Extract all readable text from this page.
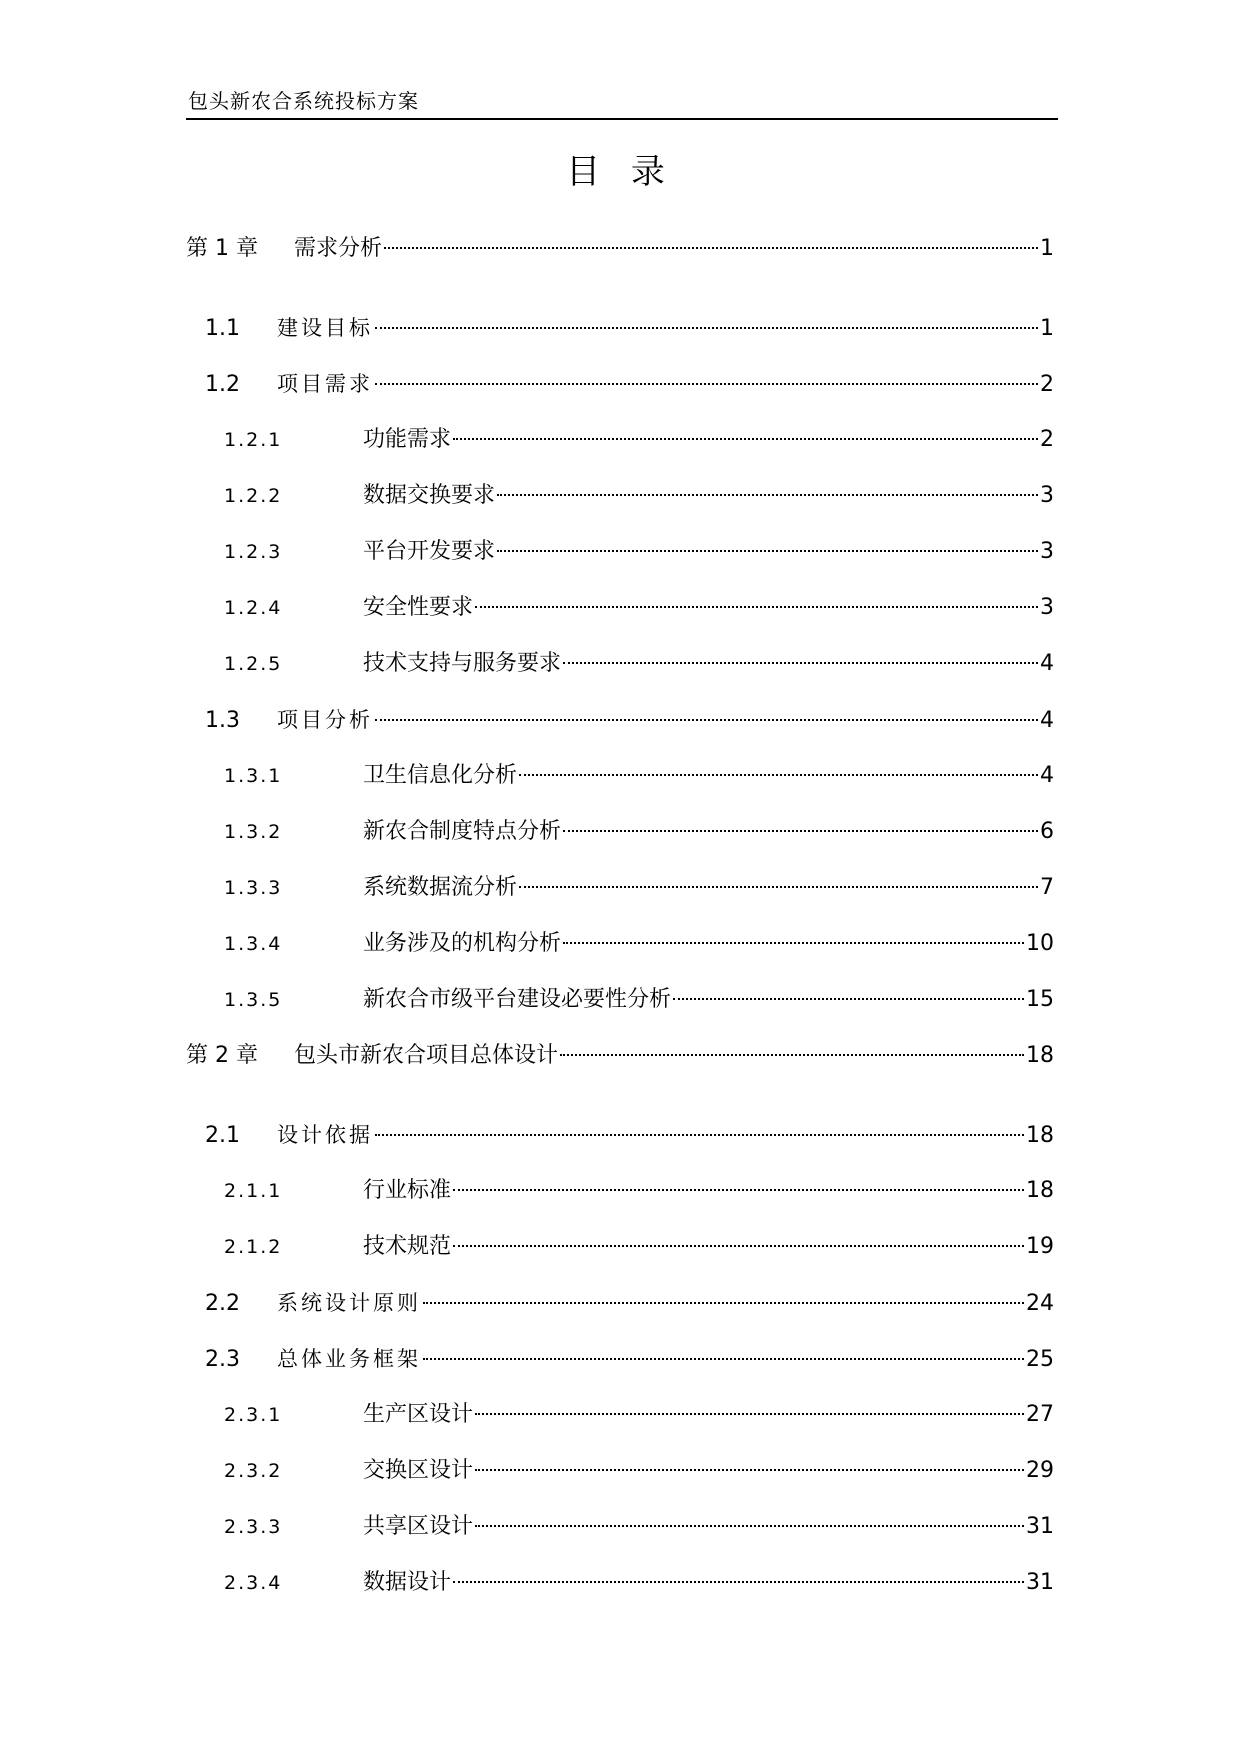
包头新农合系统投标方案
目 录
第 1 章	需求分析	1
1.1	建设目标	1
1.2	项目需求	2
1.2.1	功能需求	2
1.2.2	数据交换要求	3
1.2.3	平台开发要求	3
1.2.4	安全性要求	3
1.2.5	技术支持与服务要求	4
1.3	项目分析	4
1.3.1	卫生信息化分析	4
1.3.2	新农合制度特点分析	6
1.3.3	系统数据流分析	7
1.3.4	业务涉及的机构分析	10
1.3.5	新农合市级平台建设必要性分析	15
第 2 章	包头市新农合项目总体设计	18
2.1	设计依据	18
2.1.1	行业标准	18
2.1.2	技术规范	19
2.2	系统设计原则	24
2.3	总体业务框架	25
2.3.1	生产区设计	27
2.3.2	交换区设计	29
2.3.3	共享区设计	31
2.3.4	数据设计	31
